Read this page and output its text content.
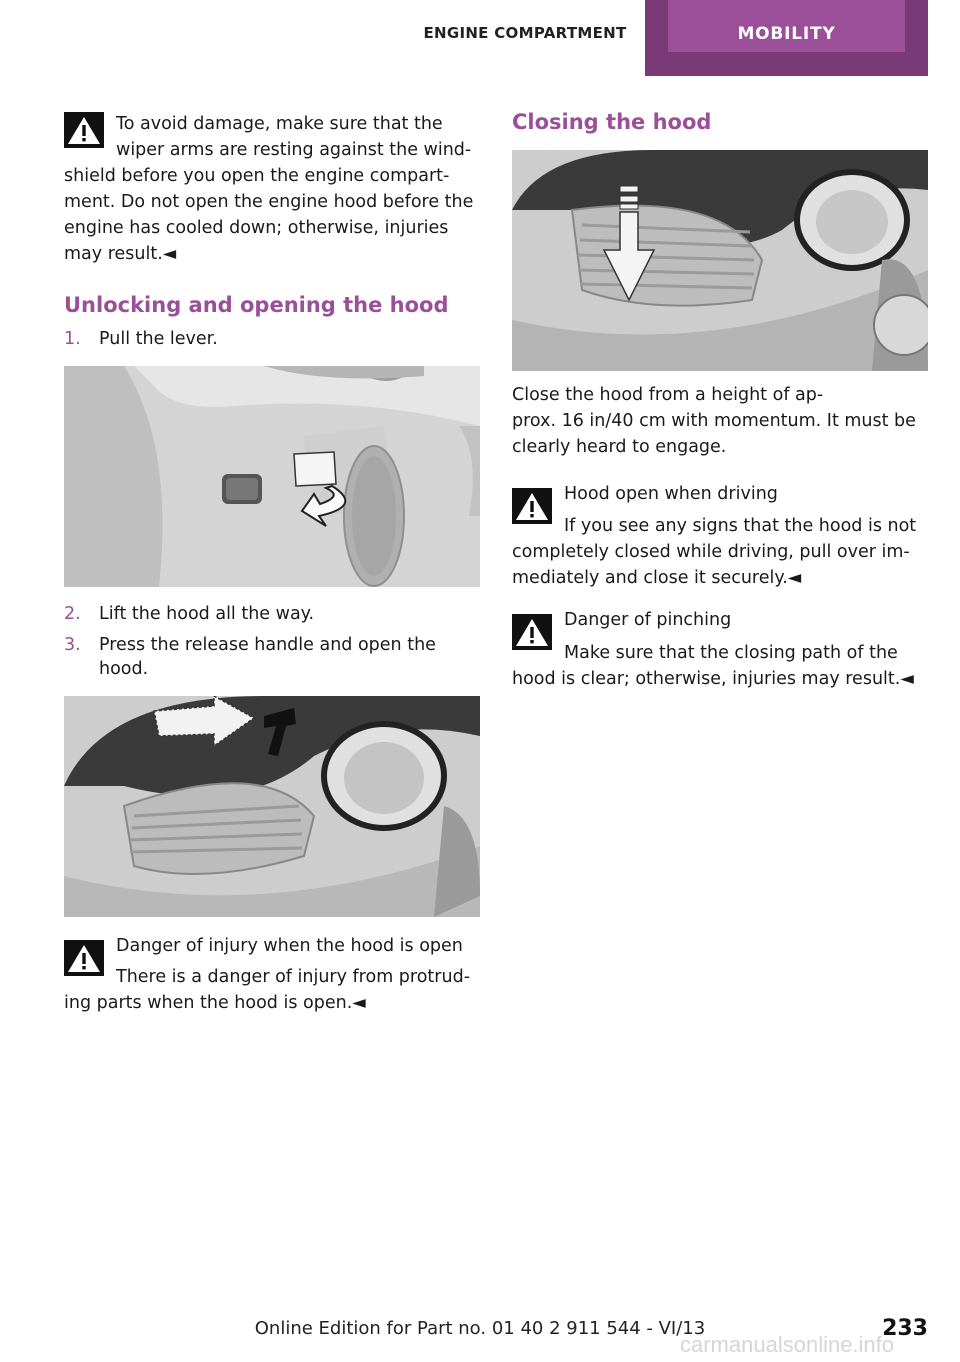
ENGINE COMPARTMENT	MOBILITY
To avoid damage, make sure that the
wiper arms are resting against the wind-
shield before you open the engine compart-
ment. Do not open the engine hood before the
engine has cooled down; otherwise, injuries
may result.◄
Unlocking and opening the hood
1. Pull the lever.
2. Lift the hood all the way.
3. Press the release handle and open the
hood.
Danger of injury when the hood is open
There is a danger of injury from protrud-
ing parts when the hood is open.◄
Closing the hood
Close the hood from a height of ap-
prox. 16 in/40 cm with momentum. It must be
clearly heard to engage.
Hood open when driving
If you see any signs that the hood is not
completely closed while driving, pull over im-
mediately and close it securely.◄
Danger of pinching
Make sure that the closing path of the
hood is clear; otherwise, injuries may result.◄
Online Edition for Part no. 01 40 2 911 544 - VI/13	233
carmanualsonline.info
